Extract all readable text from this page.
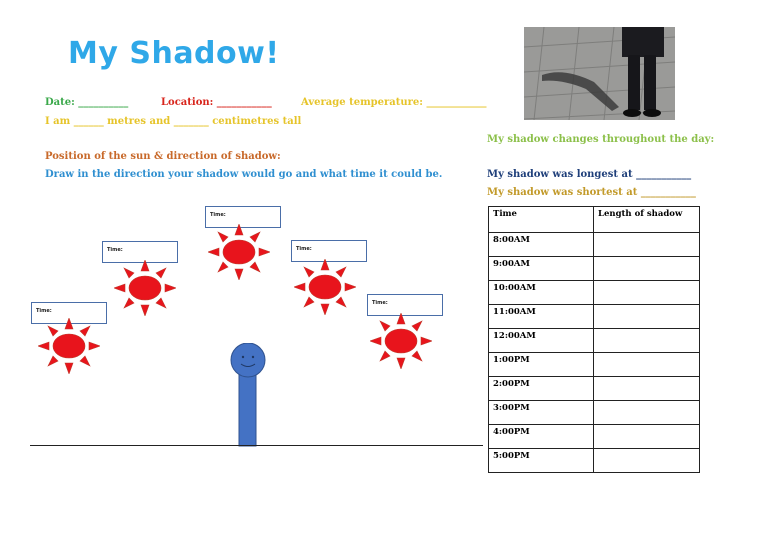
My Shadow!
Date: __________	Location: ___________	Average temperature: ____________
I am ______ metres and _______ centimetres tall
Position of the sun & direction of shadow:
Draw in the direction your shadow would go and what time it could be.
My shadow changes throughout the day:
My shadow was longest at ___________
My shadow was shortest at ___________
Time:
Time:
Time:
Time:
Time:
Time	Length of shadow
8:00AM	
9:00AM	
10:00AM	
11:00AM	
12:00AM	
1:00PM	
2:00PM	
3:00PM	
4:00PM	
5:00PM	
